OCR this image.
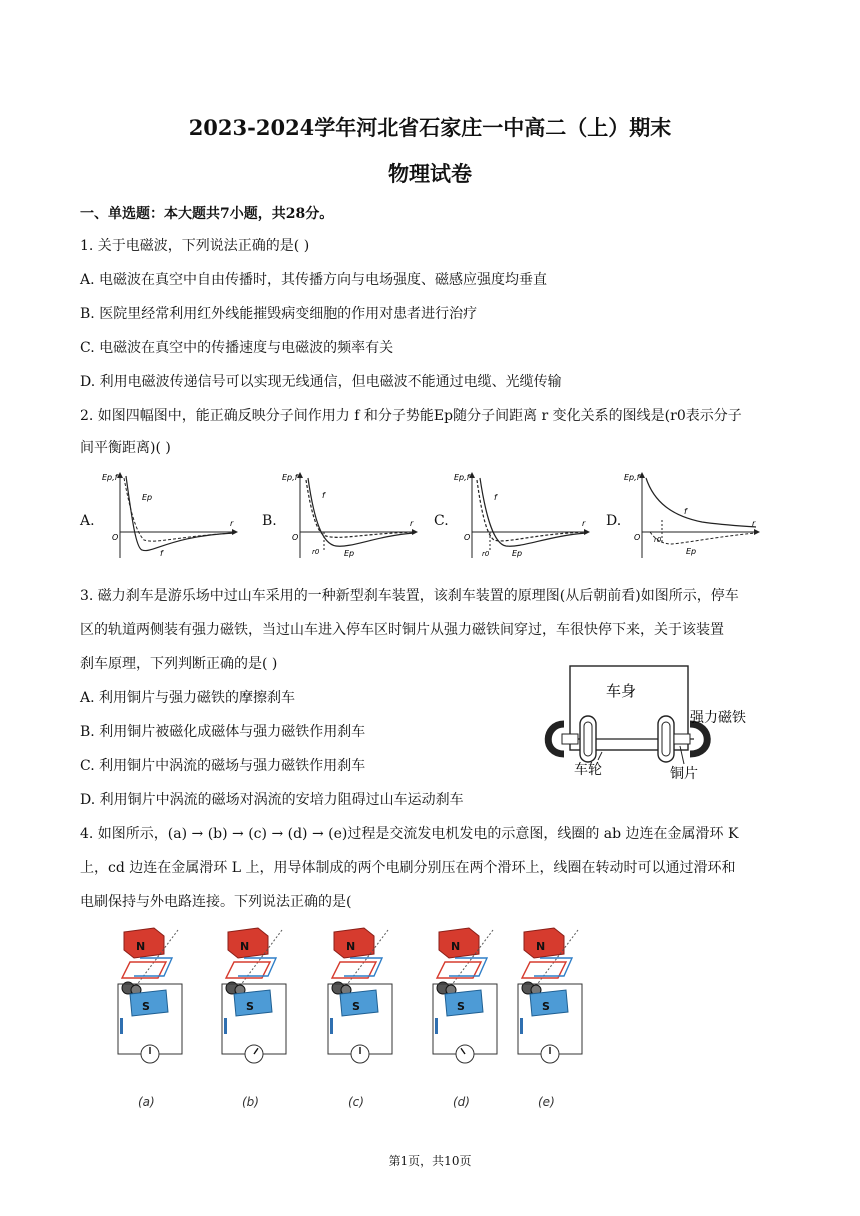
2023-2024学年河北省石家庄一中高二（上）期末
物理试卷
一、单选题：本大题共7小题，共28分。
1. 关于电磁波，下列说法正确的是( )
A. 电磁波在真空中自由传播时，其传播方向与电场强度、磁感应强度均垂直
B. 医院里经常利用红外线能摧毁病变细胞的作用对患者进行治疗
C. 电磁波在真空中的传播速度与电磁波的频率有关
D. 利用电磁波传递信号可以实现无线通信，但电磁波不能通过电缆、光缆传输
2. 如图四幅图中，能正确反映分子间作用力 f 和分子势能Ep随分子间距离 r 变化关系的图线是(r0表示分子
间平衡距离)( )
A.	B.	C.	D.
Ep,f
r
O
Ep
f
Ep,f
r
O
r0
f
Ep
Ep,f
r
O
r0
f
Ep
Ep,f
r
O r0
f
Ep
3. 磁力刹车是游乐场中过山车采用的一种新型刹车装置，该刹车装置的原理图(从后朝前看)如图所示，停车
区的轨道两侧装有强力磁铁，当过山车进入停车区时铜片从强力磁铁间穿过，车很快停下来，关于该装置
刹车原理，下列判断正确的是( )
A. 利用铜片与强力磁铁的摩擦刹车
B. 利用铜片被磁化成磁体与强力磁铁作用刹车
C. 利用铜片中涡流的磁场与强力磁铁作用刹车
D. 利用铜片中涡流的磁场对涡流的安培力阻碍过山车运动刹车
车身
强力磁铁
车轮	铜片
4. 如图所示，(a) → (b) → (c) → (d) → (e)过程是交流发电机发电的示意图，线圈的 ab 边连在金属滑环 K
上，cd 边连在金属滑环 L 上，用导体制成的两个电刷分别压在两个滑环上，线圈在转动时可以通过滑环和
电刷保持与外电路连接。下列说法正确的是(
N
S
(a)
N
S
(b)
N
S
(c)
N
S
(d)
N
S
(e)
第1页，共10页
